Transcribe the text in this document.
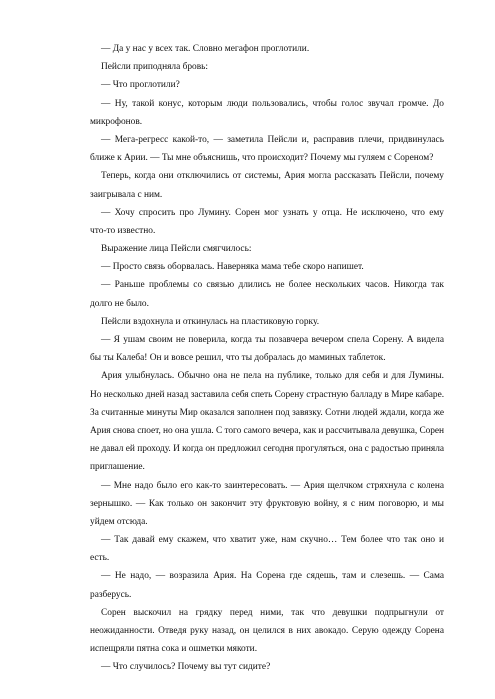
— Да у нас у всех так. Словно мегафон проглотили.
Пейсли приподняла бровь:
— Что проглотили?
— Ну, такой конус, которым люди пользовались, чтобы голос звучал громче. До
микрофонов.
— Мега-регресс какой-то, — заметила Пейсли и, расправив плечи, придвинулась
ближе к Арии. — Ты мне объяснишь, что происходит? Почему мы гуляем с Сореном?
Теперь, когда они отключились от системы, Ария могла рассказать Пейсли, почему
заигрывала с ним.
— Хочу спросить про Лумину. Сорен мог узнать у отца. Не исключено, что ему
что-то известно.
Выражение лица Пейсли смягчилось:
— Просто связь оборвалась. Наверняка мама тебе скоро напишет.
— Раньше проблемы со связью длились не более нескольких часов. Никогда так
долго не было.
Пейсли вздохнула и откинулась на пластиковую горку.
— Я ушам своим не поверила, когда ты позавчера вечером спела Сорену. А видела
бы ты Калеба! Он и вовсе решил, что ты добралась до маминых таблеток.
Ария улыбнулась. Обычно она не пела на публике, только для себя и для Лумины.
Но несколько дней назад заставила себя спеть Сорену страстную балладу в Мире кабаре.
За считанные минуты Мир оказался заполнен под завязку. Сотни людей ждали, когда же
Ария снова споет, но она ушла. С того самого вечера, как и рассчитывала девушка, Сорен
не давал ей проходу. И когда он предложил сегодня прогуляться, она с радостью приняла
приглашение.
— Мне надо было его как-то заинтересовать. — Ария щелчком стряхнула с колена
зернышко. — Как только он закончит эту фруктовую войну, я с ним поговорю, и мы
уйдем отсюда.
— Так давай ему скажем, что хватит уже, нам скучно… Тем более что так оно и
есть.
— Не надо, — возразила Ария. На Сорена где сядешь, там и слезешь. — Сама
разберусь.
Сорен выскочил на грядку перед ними, так что девушки подпрыгнули от
неожиданности. Отведя руку назад, он целился в них авокадо. Серую одежду Сорена
испещряли пятна сока и ошметки мякоти.
— Что случилось? Почему вы тут сидите?
